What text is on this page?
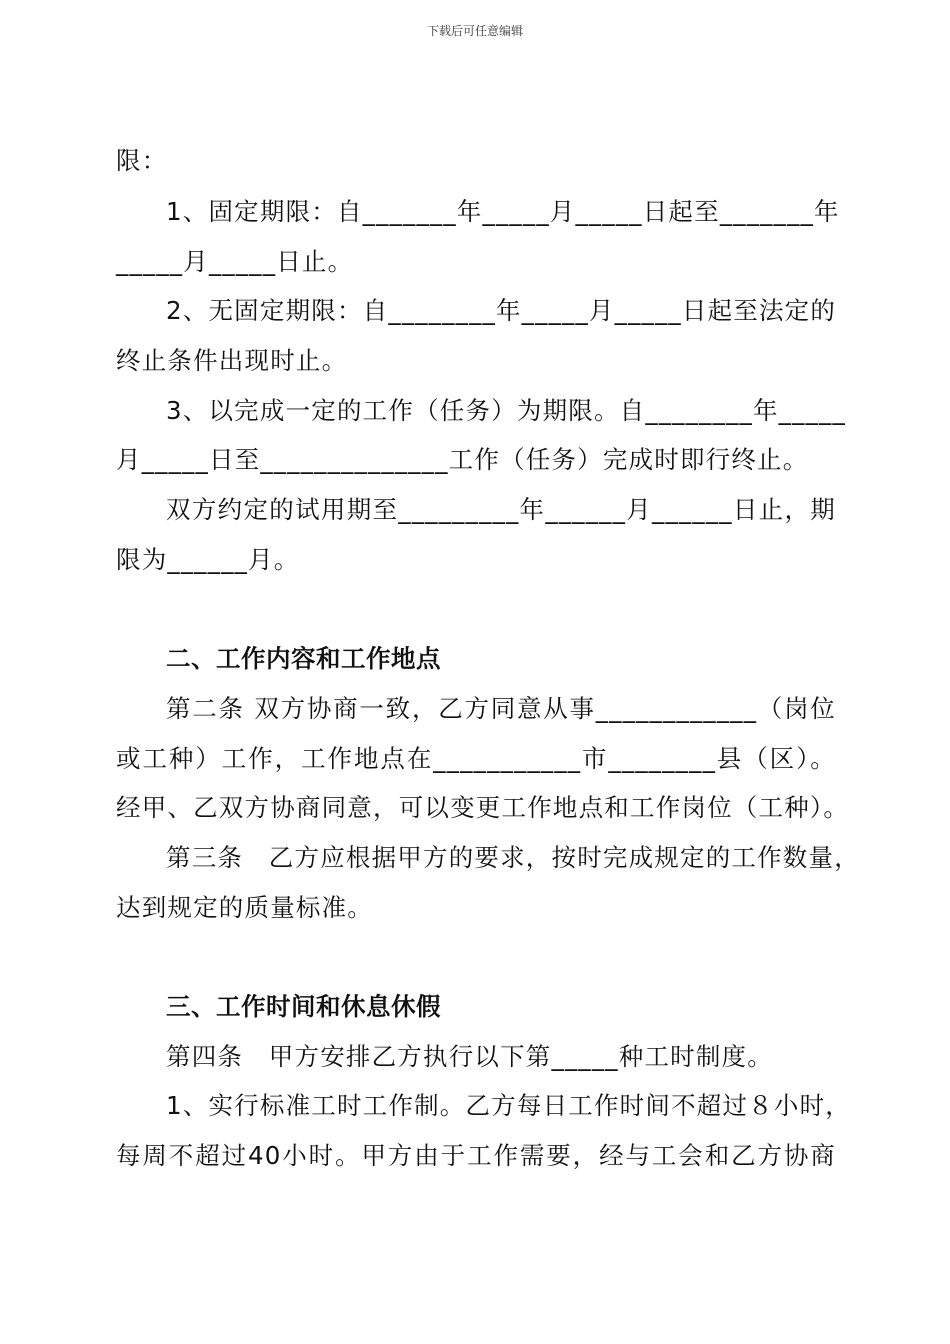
下载后可任意编辑
限：
1、固定期限：自_______年_____月_____日起至_______年
_____月_____日止。
2、无固定期限：自________年_____月_____日起至法定的
终止条件出现时止。
3、以完成一定的工作（任务）为期限。自________年_____
月_____日至______________工作（任务）完成时即行终止。
双方约定的试用期至_________年______月______日止，期
限为______月。
二、工作内容和工作地点
第二条 双方协商一致，乙方同意从事____________（岗位
或工种）工作，工作地点在___________市________县（区）。
经甲、乙双方协商同意，可以变更工作地点和工作岗位（工种）。
第三条　乙方应根据甲方的要求，按时完成规定的工作数量，
达到规定的质量标准。
三、工作时间和休息休假
第四条　甲方安排乙方执行以下第_____种工时制度。
1、实行标准工时工作制。乙方每日工作时间不超过８小时，
每周不超过40小时。甲方由于工作需要，经与工会和乙方协商
